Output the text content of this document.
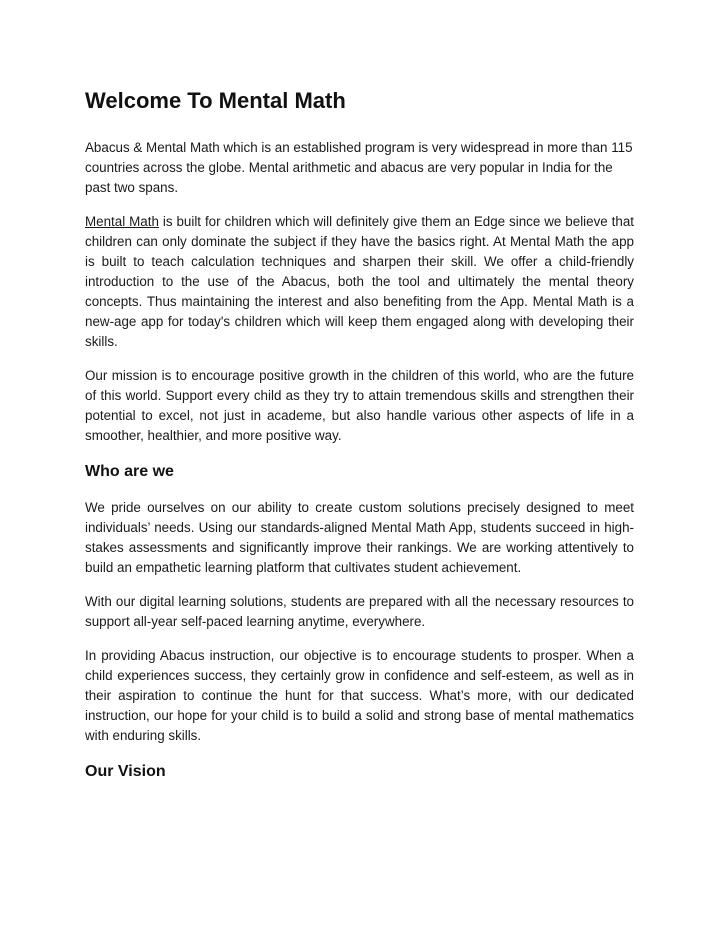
Welcome To Mental Math

Abacus & Mental Math which is an established program is very widespread in more than 115 countries across the globe. Mental arithmetic and abacus are very popular in India for the past two spans.

Mental Math is built for children which will definitely give them an Edge since we believe that children can only dominate the subject if they have the basics right. At Mental Math the app is built to teach calculation techniques and sharpen their skill. We offer a child-friendly introduction to the use of the Abacus, both the tool and ultimately the mental theory concepts. Thus maintaining the interest and also benefiting from the App. Mental Math is a new-age app for today's children which will keep them engaged along with developing their skills.

Our mission is to encourage positive growth in the children of this world, who are the future of this world. Support every child as they try to attain tremendous skills and strengthen their potential to excel, not just in academe, but also handle various other aspects of life in a smoother, healthier, and more positive way.

Who are we

We pride ourselves on our ability to create custom solutions precisely designed to meet individuals’ needs. Using our standards-aligned Mental Math App, students succeed in high-stakes assessments and significantly improve their rankings. We are working attentively to build an empathetic learning platform that cultivates student achievement.

With our digital learning solutions, students are prepared with all the necessary resources to support all-year self-paced learning anytime, everywhere.

In providing Abacus instruction, our objective is to encourage students to prosper. When a child experiences success, they certainly grow in confidence and self-esteem, as well as in their aspiration to continue the hunt for that success. What’s more, with our dedicated instruction, our hope for your child is to build a solid and strong base of mental mathematics with enduring skills.

Our Vision
